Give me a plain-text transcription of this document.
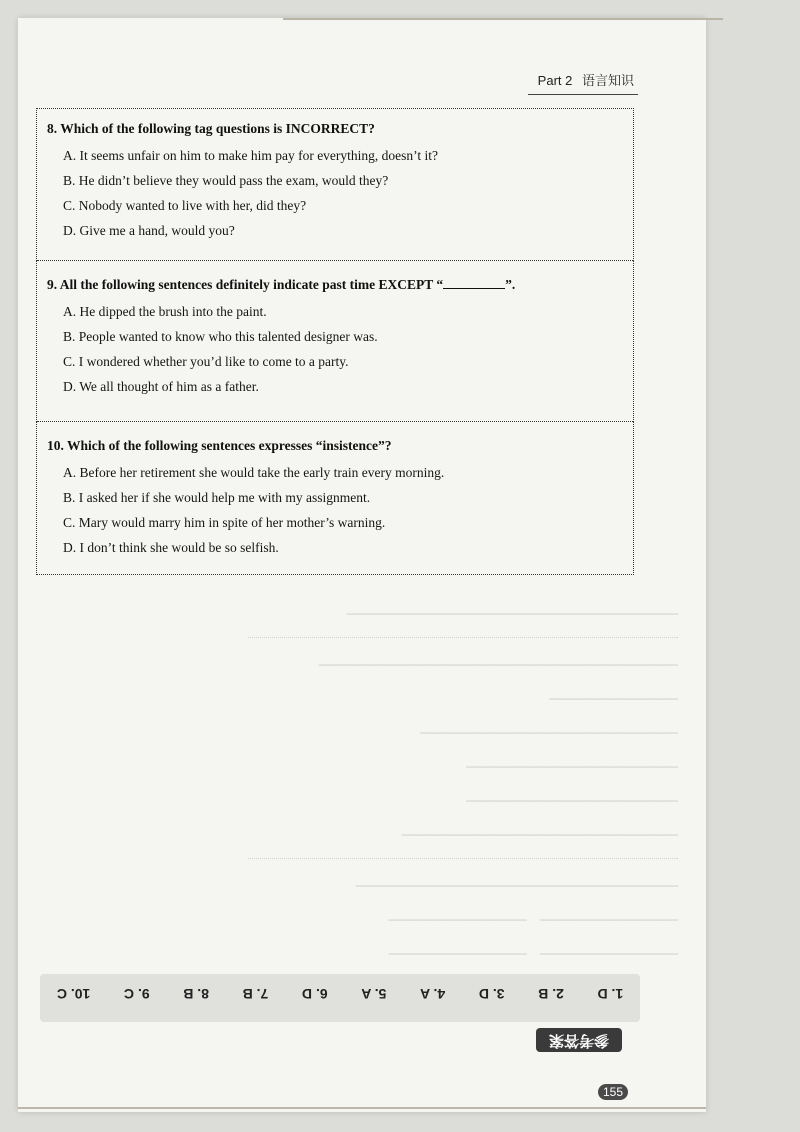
Part 2 语言知识
────────────────────────────────────
───────────────────────────────────────
──────────────
────────────────────────────
───────────────────────
───────────────────────
──────────────────────────────
───────────────────────────────────
───────────────    ───────────────
───────────────    ───────────────
8. Which of the following tag questions is INCORRECT?
A. It seems unfair on him to make him pay for everything, doesn’t it?
B. He didn’t believe they would pass the exam, would they?
C. Nobody wanted to live with her, did they?
D. Give me a hand, would you?
9. All the following sentences definitely indicate past time EXCEPT “	”.
A. He dipped the brush into the paint.
B. People wanted to know who this talented designer was.
C. I wondered whether you’d like to come to a party.
D. We all thought of him as a father.
10. Which of the following sentences expresses “insistence”?
A. Before her retirement she would take the early train every morning.
B. I asked her if she would help me with my assignment.
C. Mary would marry him in spite of her mother’s warning.
D. I don’t think she would be so selfish.
1. D
2. B
3. D
4. A
5. A
6. D
7. B
8. B
9. C
10. C
参考答案
155
